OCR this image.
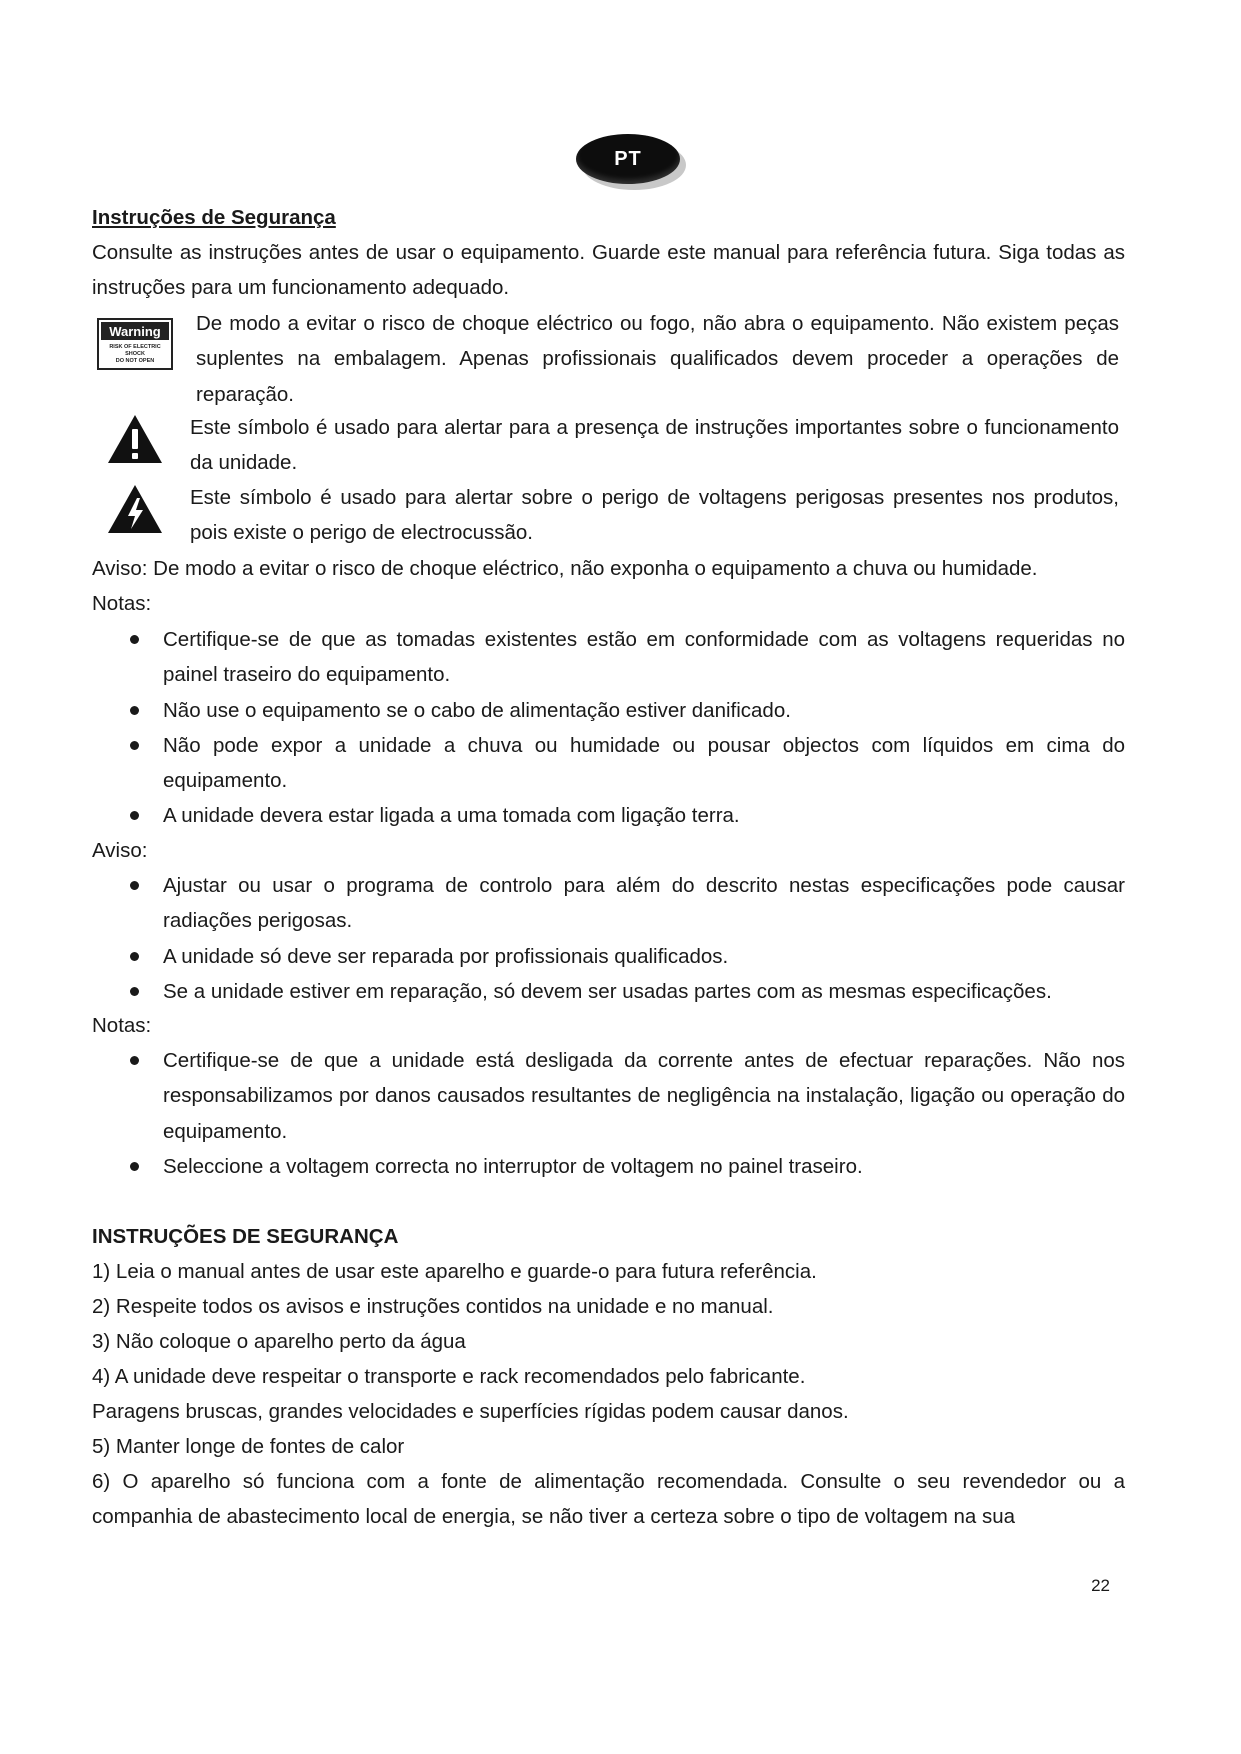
PT
Instruções de Segurança
Consulte as instruções antes de usar o equipamento. Guarde este manual para referência futura. Siga todas as instruções para um funcionamento adequado.
Warning
RISK OF ELECTRIC SHOCK
DO NOT OPEN
De modo a evitar o risco de choque eléctrico ou fogo, não abra o equipamento. Não existem peças suplentes na embalagem. Apenas profissionais qualificados devem proceder a operações de reparação.
Este símbolo é usado para alertar para a presença de instruções importantes sobre o funcionamento da unidade.
Este símbolo é usado para alertar sobre o perigo de voltagens perigosas presentes nos produtos, pois existe o perigo de electrocussão.
Aviso: De modo a evitar o risco de choque eléctrico, não exponha o equipamento a chuva ou humidade.
Notas:
Certifique-se de que as tomadas existentes estão em conformidade com as voltagens requeridas no painel traseiro do equipamento.
Não use o equipamento se o cabo de alimentação estiver danificado.
Não pode expor a unidade a chuva ou humidade ou pousar objectos com líquidos em cima do equipamento.
A unidade devera estar ligada a uma tomada com ligação terra.
Aviso:
Ajustar ou usar o programa de controlo para além do descrito nestas especificações pode causar radiações perigosas.
A unidade só deve ser reparada por profissionais qualificados.
Se a unidade estiver em reparação, só devem ser usadas partes com as mesmas especificações.
Notas:
Certifique-se de que a unidade está desligada da corrente antes de efectuar reparações. Não nos responsabilizamos por danos causados resultantes de negligência na instalação, ligação ou operação do equipamento.
Seleccione a voltagem correcta no interruptor de voltagem no painel traseiro.
INSTRUÇÕES DE SEGURANÇA
1) Leia o manual antes de usar este aparelho e guarde-o para futura referência.
2) Respeite todos os avisos e instruções contidos na unidade e no manual.
3) Não coloque o aparelho perto da água
4) A unidade deve respeitar o transporte e rack recomendados pelo fabricante.
Paragens bruscas, grandes velocidades e superfícies rígidas podem causar danos.
5) Manter longe de fontes de calor
6) O aparelho só funciona com a fonte de alimentação recomendada. Consulte o seu revendedor ou a companhia de abastecimento local de energia, se não tiver a certeza sobre o tipo de voltagem na sua
22
